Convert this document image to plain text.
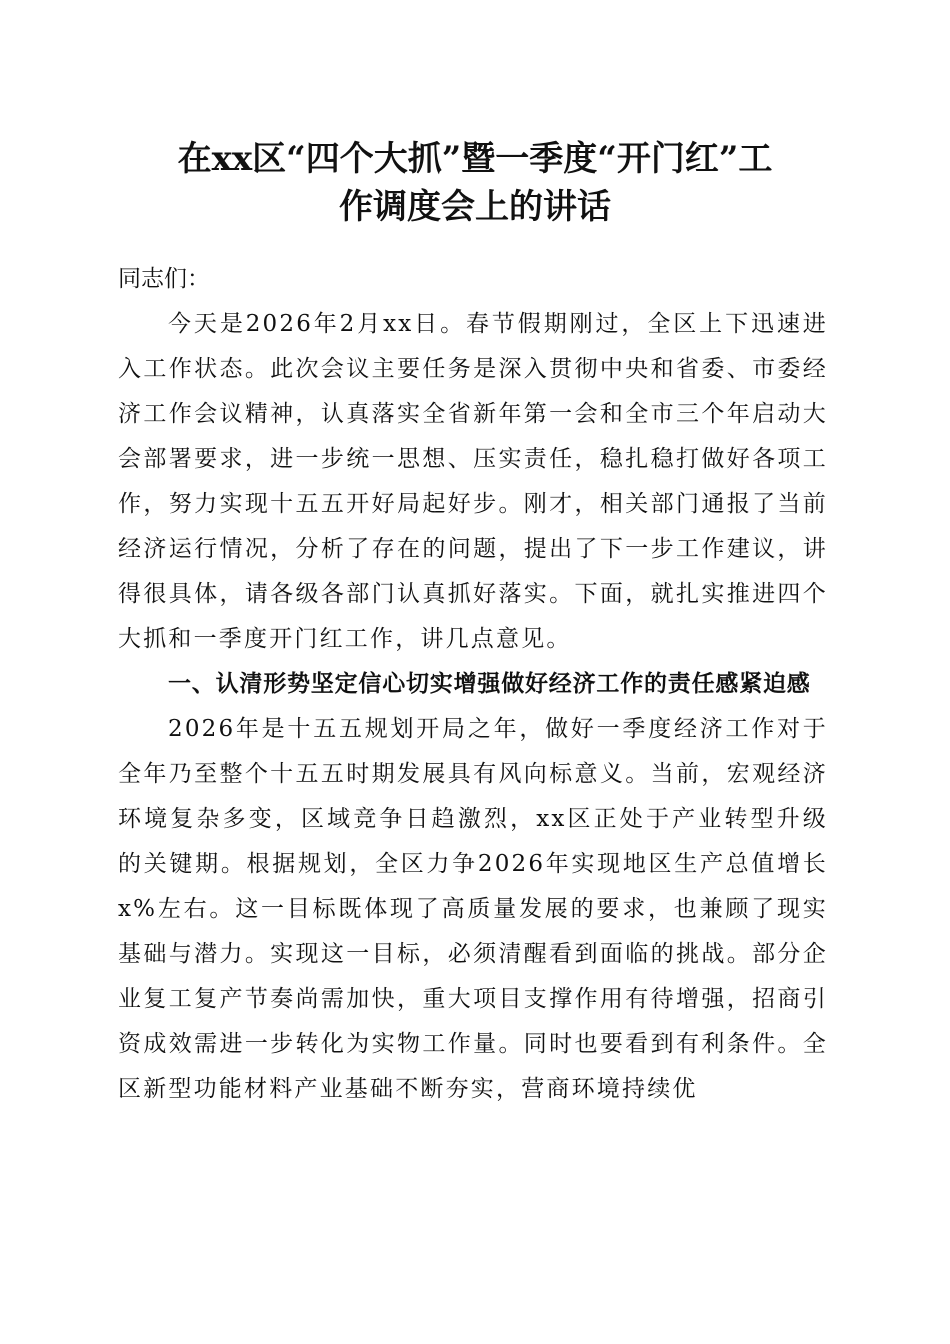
在xx区“四个大抓”暨一季度“开门红”工
作调度会上的讲话

同志们：

今天是2026年2月xx日。春节假期刚过，全区上下迅速进入工作状态。此次会议主要任务是深入贯彻中央和省委、市委经济工作会议精神，认真落实全省新年第一会和全市三个年启动大会部署要求，进一步统一思想、压实责任，稳扎稳打做好各项工作，努力实现十五五开好局起好步。刚才，相关部门通报了当前经济运行情况，分析了存在的问题，提出了下一步工作建议，讲得很具体，请各级各部门认真抓好落实。下面，就扎实推进四个大抓和一季度开门红工作，讲几点意见。

一、认清形势坚定信心切实增强做好经济工作的责任感紧迫感

2026年是十五五规划开局之年，做好一季度经济工作对于全年乃至整个十五五时期发展具有风向标意义。当前，宏观经济环境复杂多变，区域竞争日趋激烈，xx区正处于产业转型升级的关键期。根据规划，全区力争2026年实现地区生产总值增长x%左右。这一目标既体现了高质量发展的要求，也兼顾了现实基础与潜力。实现这一目标，必须清醒看到面临的挑战。部分企业复工复产节奏尚需加快，重大项目支撑作用有待增强，招商引资成效需进一步转化为实物工作量。同时也要看到有利条件。全区新型功能材料产业基础不断夯实，营商环境持续优
